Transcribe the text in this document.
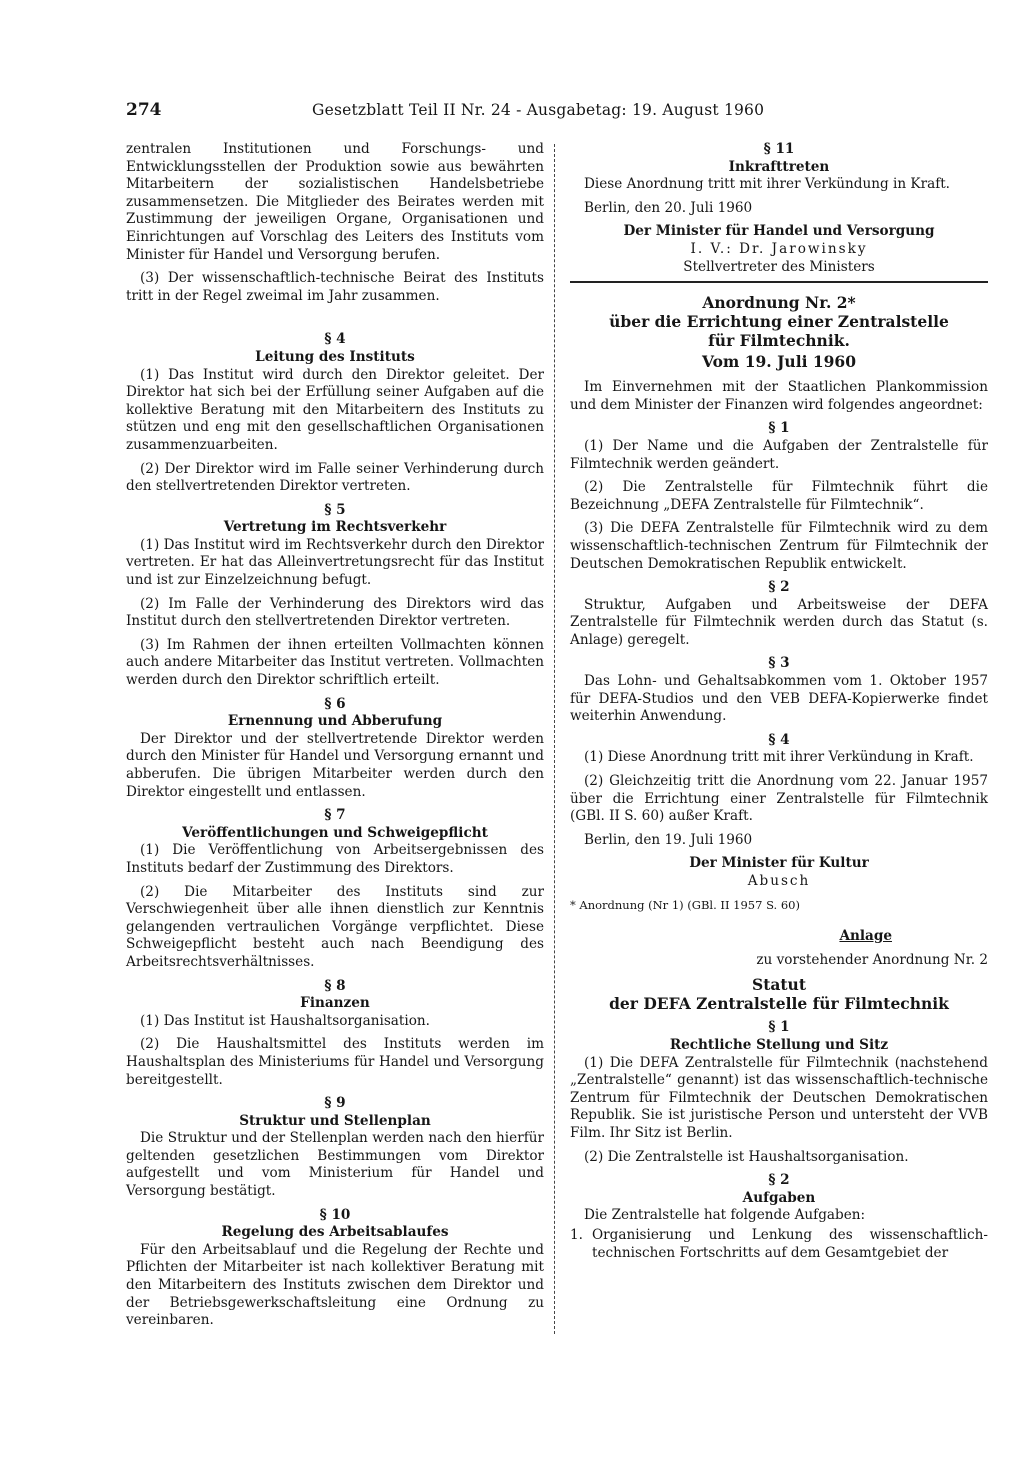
274	Gesetzblatt Teil II Nr. 24 - Ausgabetag: 19. August 1960

zentralen Institutionen und Forschungs- und Entwicklungsstellen der Produktion sowie aus bewährten Mitarbeitern der sozialistischen Handelsbetriebe zusammensetzen. Die Mitglieder des Beirates werden mit Zustimmung der jeweiligen Organe, Organisationen und Einrichtungen auf Vorschlag des Leiters des Instituts vom Minister für Handel und Versorgung berufen.

(3) Der wissenschaftlich-technische Beirat des Instituts tritt in der Regel zweimal im Jahr zusammen.

§ 4

Leitung des Instituts

(1) Das Institut wird durch den Direktor geleitet. Der Direktor hat sich bei der Erfüllung seiner Aufgaben auf die kollektive Beratung mit den Mitarbeitern des Instituts zu stützen und eng mit den gesellschaftlichen Organisationen zusammenzuarbeiten.

(2) Der Direktor wird im Falle seiner Verhinderung durch den stellvertretenden Direktor vertreten.

§ 5

Vertretung im Rechtsverkehr

(1) Das Institut wird im Rechtsverkehr durch den Direktor vertreten. Er hat das Alleinvertretungsrecht für das Institut und ist zur Einzelzeichnung befugt.

(2) Im Falle der Verhinderung des Direktors wird das Institut durch den stellvertretenden Direktor vertreten.

(3) Im Rahmen der ihnen erteilten Vollmachten können auch andere Mitarbeiter das Institut vertreten. Vollmachten werden durch den Direktor schriftlich erteilt.

§ 6

Ernennung und Abberufung

Der Direktor und der stellvertretende Direktor werden durch den Minister für Handel und Versorgung ernannt und abberufen. Die übrigen Mitarbeiter werden durch den Direktor eingestellt und entlassen.

§ 7

Veröffentlichungen und Schweigepflicht

(1) Die Veröffentlichung von Arbeitsergebnissen des Instituts bedarf der Zustimmung des Direktors.

(2) Die Mitarbeiter des Instituts sind zur Verschwiegenheit über alle ihnen dienstlich zur Kenntnis gelangenden vertraulichen Vorgänge verpflichtet. Diese Schweigepflicht besteht auch nach Beendigung des Arbeitsrechtsverhältnisses.

§ 8

Finanzen

(1) Das Institut ist Haushaltsorganisation.

(2) Die Haushaltsmittel des Instituts werden im Haushaltsplan des Ministeriums für Handel und Versorgung bereitgestellt.

§ 9

Struktur und Stellenplan

Die Struktur und der Stellenplan werden nach den hierfür geltenden gesetzlichen Bestimmungen vom Direktor aufgestellt und vom Ministerium für Handel und Versorgung bestätigt.

§ 10

Regelung des Arbeitsablaufes

Für den Arbeitsablauf und die Regelung der Rechte und Pflichten der Mitarbeiter ist nach kollektiver Beratung mit den Mitarbeitern des Instituts zwischen dem Direktor und der Betriebsgewerkschaftsleitung eine Ordnung zu vereinbaren.

§ 11

Inkrafttreten

Diese Anordnung tritt mit ihrer Verkündung in Kraft.

Berlin, den 20. Juli 1960

Der Minister für Handel und Versorgung

I. V.: Dr. Jarowinsky

Stellvertreter des Ministers

Anordnung Nr. 2*

über die Errichtung einer Zentralstelle

für Filmtechnik.

Vom 19. Juli 1960

Im Einvernehmen mit der Staatlichen Plankommission und dem Minister der Finanzen wird folgendes angeordnet:

§ 1

(1) Der Name und die Aufgaben der Zentralstelle für Filmtechnik werden geändert.

(2) Die Zentralstelle für Filmtechnik führt die Bezeichnung „DEFA Zentralstelle für Filmtechnik“.

(3) Die DEFA Zentralstelle für Filmtechnik wird zu dem wissenschaftlich-technischen Zentrum für Filmtechnik der Deutschen Demokratischen Republik entwickelt.

§ 2

Struktur, Aufgaben und Arbeitsweise der DEFA Zentralstelle für Filmtechnik werden durch das Statut (s. Anlage) geregelt.

§ 3

Das Lohn- und Gehaltsabkommen vom 1. Oktober 1957 für DEFA-Studios und den VEB DEFA-Kopierwerke findet weiterhin Anwendung.

§ 4

(1) Diese Anordnung tritt mit ihrer Verkündung in Kraft.

(2) Gleichzeitig tritt die Anordnung vom 22. Januar 1957 über die Errichtung einer Zentralstelle für Filmtechnik (GBl. II S. 60) außer Kraft.

Berlin, den 19. Juli 1960

Der Minister für Kultur

Abusch

* Anordnung (Nr 1) (GBl. II 1957 S. 60)

Anlage

zu vorstehender Anordnung Nr. 2

Statut

der DEFA Zentralstelle für Filmtechnik

§ 1

Rechtliche Stellung und Sitz

(1) Die DEFA Zentralstelle für Filmtechnik (nachstehend „Zentralstelle“ genannt) ist das wissenschaftlich-technische Zentrum für Filmtechnik der Deutschen Demokratischen Republik. Sie ist juristische Person und untersteht der VVB Film. Ihr Sitz ist Berlin.

(2) Die Zentralstelle ist Haushaltsorganisation.

§ 2

Aufgaben

Die Zentralstelle hat folgende Aufgaben:

1. Organisierung und Lenkung des wissenschaftlich-technischen Fortschritts auf dem Gesamtgebiet der
